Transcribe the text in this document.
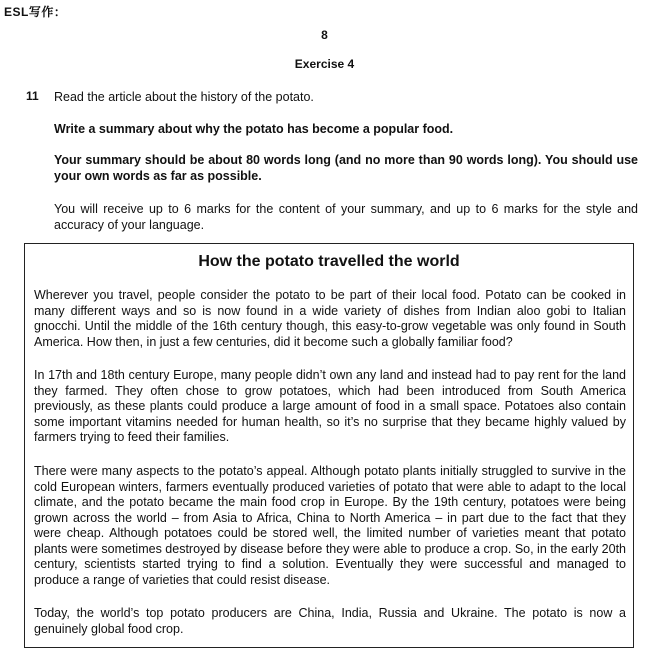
ESL写作：
8
Exercise 4
11 Read the article about the history of the potato.
Write a summary about why the potato has become a popular food.
Your summary should be about 80 words long (and no more than 90 words long). You should use your own words as far as possible.
You will receive up to 6 marks for the content of your summary, and up to 6 marks for the style and accuracy of your language.
How the potato travelled the world
Wherever you travel, people consider the potato to be part of their local food. Potato can be cooked in many different ways and so is now found in a wide variety of dishes from Indian aloo gobi to Italian gnocchi. Until the middle of the 16th century though, this easy-to-grow vegetable was only found in South America. How then, in just a few centuries, did it become such a globally familiar food?
In 17th and 18th century Europe, many people didn’t own any land and instead had to pay rent for the land they farmed. They often chose to grow potatoes, which had been introduced from South America previously, as these plants could produce a large amount of food in a small space. Potatoes also contain some important vitamins needed for human health, so it’s no surprise that they became highly valued by farmers trying to feed their families.
There were many aspects to the potato’s appeal. Although potato plants initially struggled to survive in the cold European winters, farmers eventually produced varieties of potato that were able to adapt to the local climate, and the potato became the main food crop in Europe. By the 19th century, potatoes were being grown across the world – from Asia to Africa, China to North America – in part due to the fact that they were cheap. Although potatoes could be stored well, the limited number of varieties meant that potato plants were sometimes destroyed by disease before they were able to produce a crop. So, in the early 20th century, scientists started trying to find a solution. Eventually they were successful and managed to produce a range of varieties that could resist disease.
Today, the world’s top potato producers are China, India, Russia and Ukraine. The potato is now a genuinely global food crop.
